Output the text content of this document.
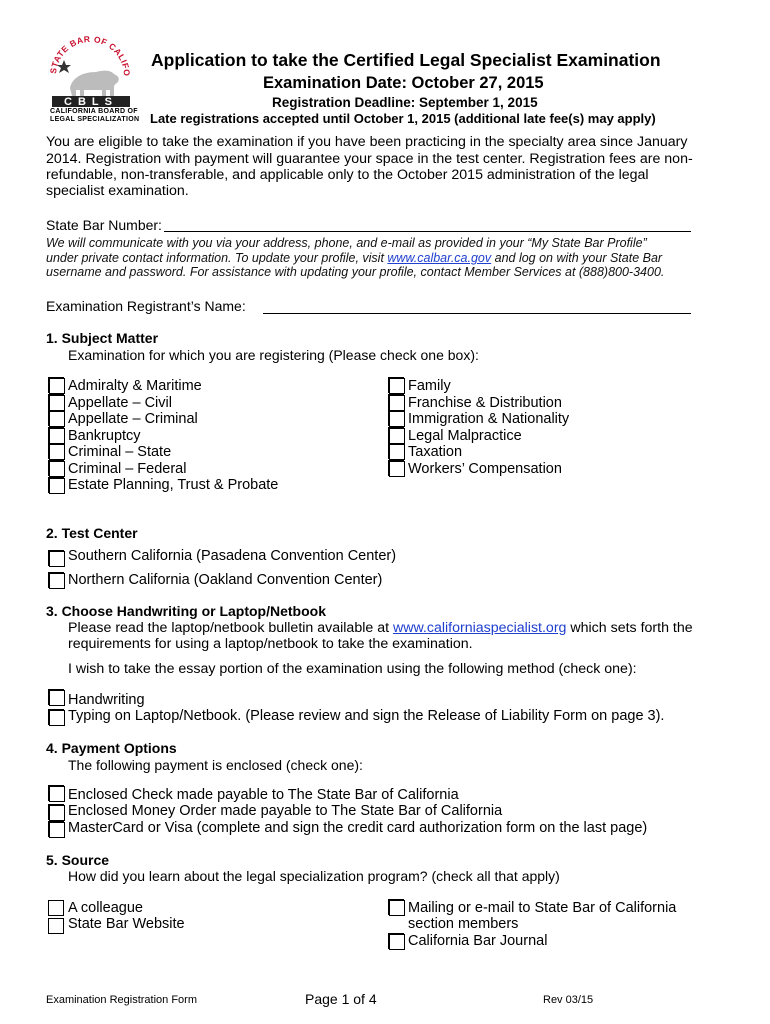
STATE BAR OF CALIFO
CBLS
CALIFORNIA BOARD OF
LEGAL SPECIALIZATION
Application to take the Certified Legal Specialist Examination
Examination Date: October 27, 2015
Registration Deadline: September 1, 2015
Late registrations accepted until October 1, 2015 (additional late fee(s) may apply)
You are eligible to take the examination if you have been practicing in the specialty area since January
2014. Registration with payment will guarantee your space in the test center. Registration fees are non-
refundable, non-transferable, and applicable only to the October 2015 administration of the legal
specialist examination.
State Bar Number:
We will communicate with you via your address, phone, and e-mail as provided in your “My State Bar Profile”
under private contact information. To update your profile, visit www.calbar.ca.gov and log on with your State Bar
username and password. For assistance with updating your profile, contact Member Services at (888)800-3400.
Examination Registrant’s Name:
1. Subject Matter
Examination for which you are registering (Please check one box):
Admiralty & Maritime
Appellate – Civil
Appellate – Criminal
Bankruptcy
Criminal – State
Criminal – Federal
Estate Planning, Trust & Probate
Family
Franchise & Distribution
Immigration & Nationality
Legal Malpractice
Taxation
Workers’ Compensation
2. Test Center
Southern California (Pasadena Convention Center)
Northern California (Oakland Convention Center)
3. Choose Handwriting or Laptop/Netbook
Please read the laptop/netbook bulletin available at www.californiaspecialist.org which sets forth the
requirements for using a laptop/netbook to take the examination.
I wish to take the essay portion of the examination using the following method (check one):
Handwriting
Typing on Laptop/Netbook. (Please review and sign the Release of Liability Form on page 3).
4. Payment Options
The following payment is enclosed (check one):
Enclosed Check made payable to The State Bar of California
Enclosed Money Order made payable to The State Bar of California
MasterCard or Visa (complete and sign the credit card authorization form on the last page)
5. Source
How did you learn about the legal specialization program? (check all that apply)
A colleague
State Bar Website
Mailing or e-mail to State Bar of California
section members
California Bar Journal
Examination Registration Form	Page 1 of 4	Rev 03/15
